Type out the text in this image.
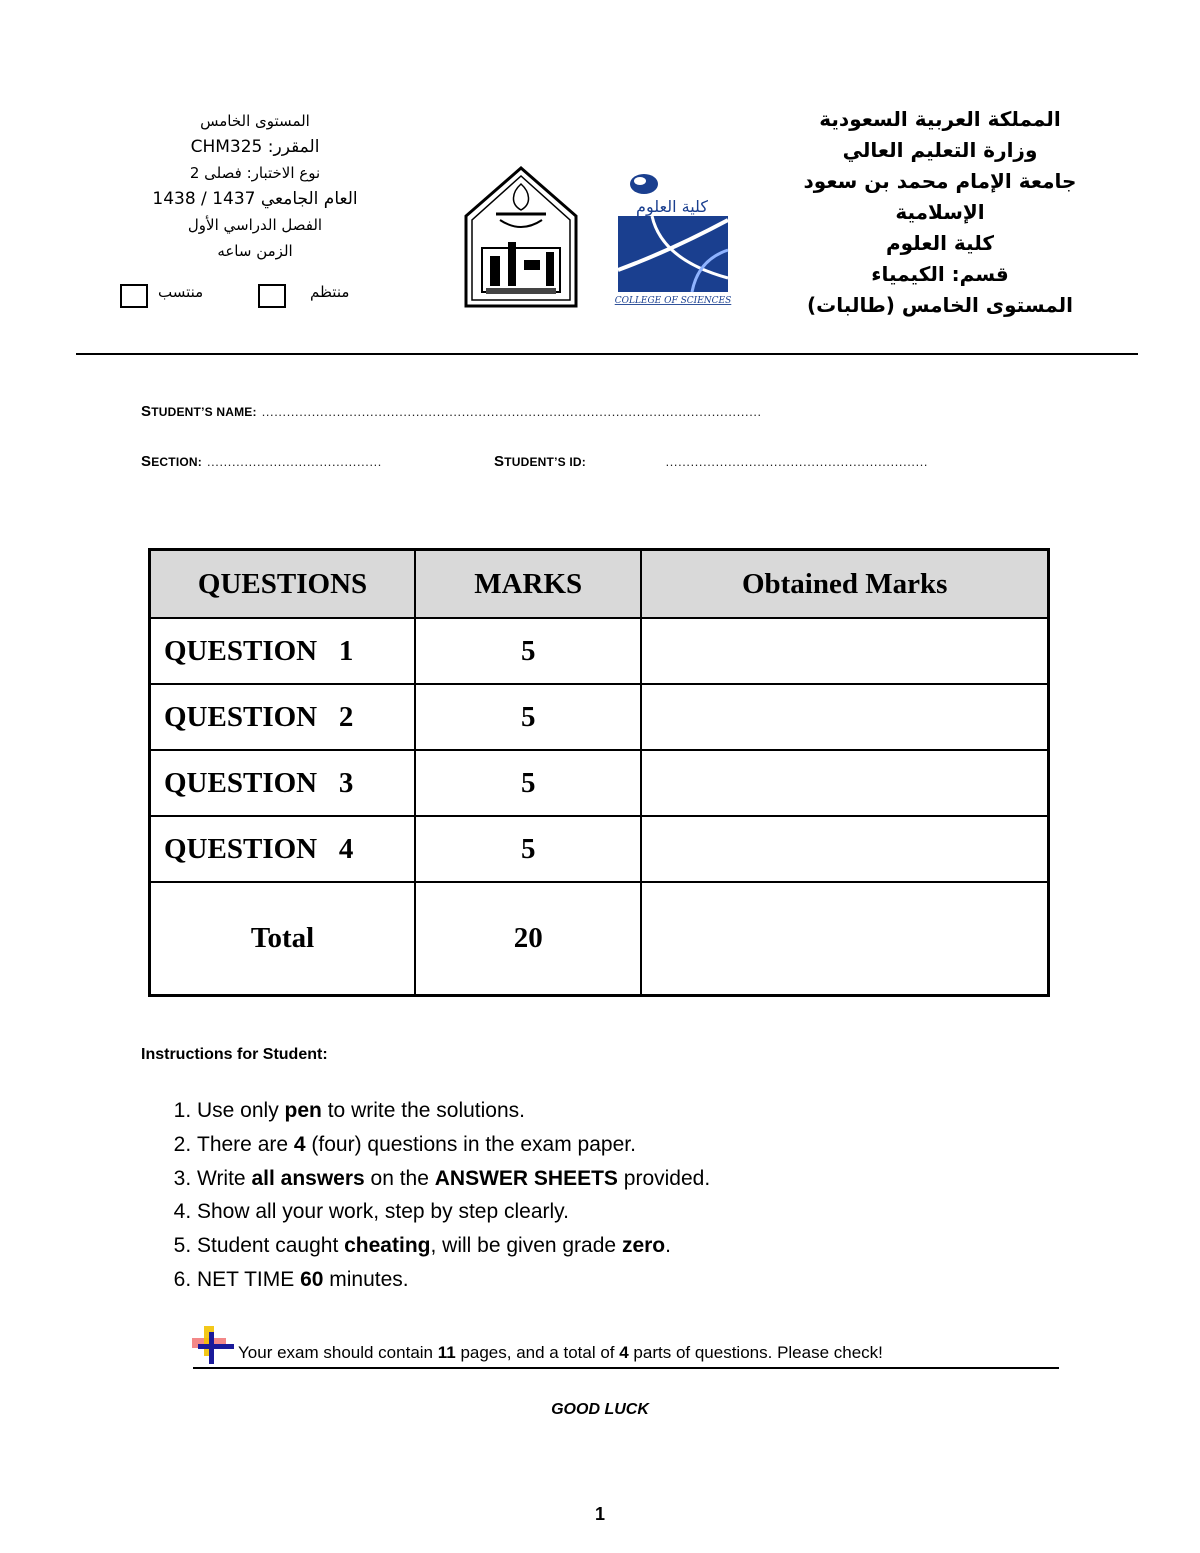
المملكة العربية السعودية
وزارة التعليم العالي
جامعة الإمام محمد بن سعود
الإسلامية
كلية العلوم
قسم: الكيمياء
المستوى الخامس (طالبات)
المستوى الخامس
المقرر: CHM325
نوع الاختبار: فصلى 2
العام الجامعي 1437 / 1438
الفصل الدراسي الأول
الزمن ساعه
منتسب	منتظم
كلية العلوم
COLLEGE OF SCIENCES
STUDENT’S NAME: …………………………………………………………………………………………………………
SECTION: ……………………………………	STUDENT’S ID:	………………………………………………………
QUESTIONS	MARKS	Obtained Marks
QUESTION   1	5	
QUESTION   2	5	
QUESTION   3	5	
QUESTION   4	5	
Total	20	
Instructions for Student:
1. Use only pen to write the solutions.
2. There are 4 (four) questions in the exam paper.
3. Write all answers on the ANSWER SHEETS provided.
4. Show all your work, step by step clearly.
5. Student caught cheating, will be given grade zero.
6. NET TIME 60 minutes.
Your exam should contain 11 pages, and a total of 4 parts of questions. Please check!
GOOD LUCK
1
